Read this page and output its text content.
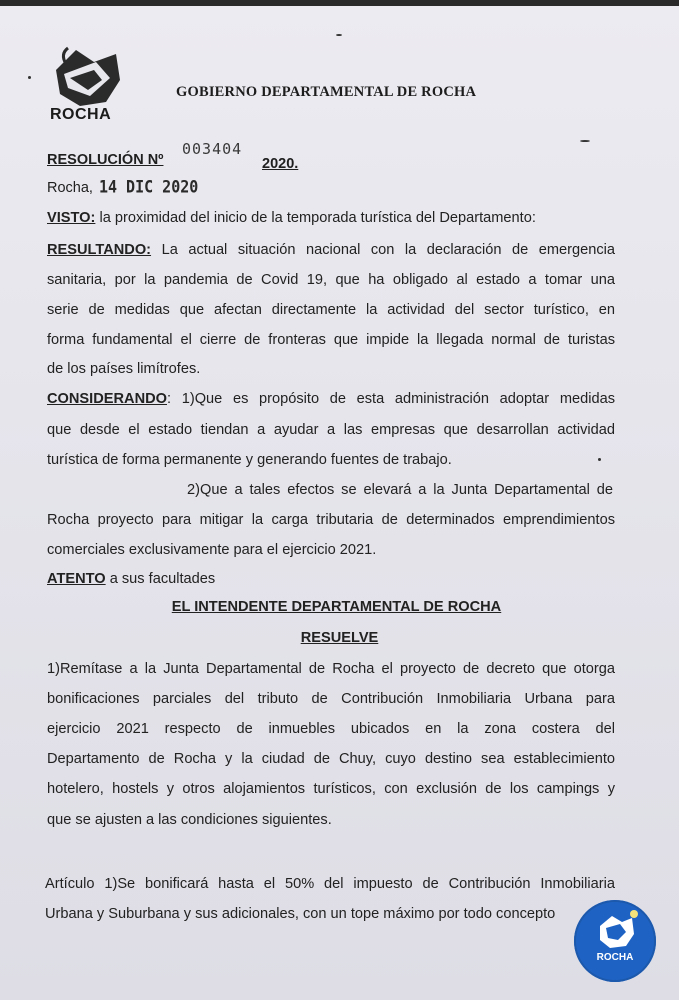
ROCHA
GOBIERNO DEPARTAMENTAL DE ROCHA
RESOLUCIÓN Nº
003404
2020.
Rocha, 14 DIC 2020
VISTO: la proximidad del inicio de la temporada turística del Departamento:
RESULTANDO: La actual situación nacional con la declaración de emergencia
sanitaria, por la pandemia de Covid 19, que ha obligado al estado a tomar una
serie de medidas que afectan directamente la actividad del sector turístico, en
forma fundamental el cierre de fronteras que impide la llegada normal de turistas
de los países limítrofes.
CONSIDERANDO: 1)Que es propósito de esta administración adoptar medidas
que desde el estado tiendan a ayudar a las empresas que desarrollan actividad
turística de forma permanente y generando fuentes de trabajo.
2)Que a tales efectos se elevará a la Junta Departamental de
Rocha proyecto para mitigar la carga tributaria de determinados emprendimientos
comerciales exclusivamente para el ejercicio 2021.
ATENTO a sus facultades
EL INTENDENTE DEPARTAMENTAL DE ROCHA
RESUELVE
1)Remítase a la Junta Departamental de Rocha el proyecto de decreto que otorga
bonificaciones parciales del tributo de Contribución Inmobiliaria Urbana para
ejercicio 2021 respecto de inmuebles ubicados en la zona costera del
Departamento de Rocha y la ciudad de Chuy, cuyo destino sea establecimiento
hotelero, hostels y otros alojamientos turísticos, con exclusión de los campings y
que se ajusten a las condiciones siguientes.
Artículo 1)Se bonificará hasta el 50% del impuesto de Contribución Inmobiliaria
Urbana y Suburbana y sus adicionales, con un tope máximo por todo concepto
ROCHA
